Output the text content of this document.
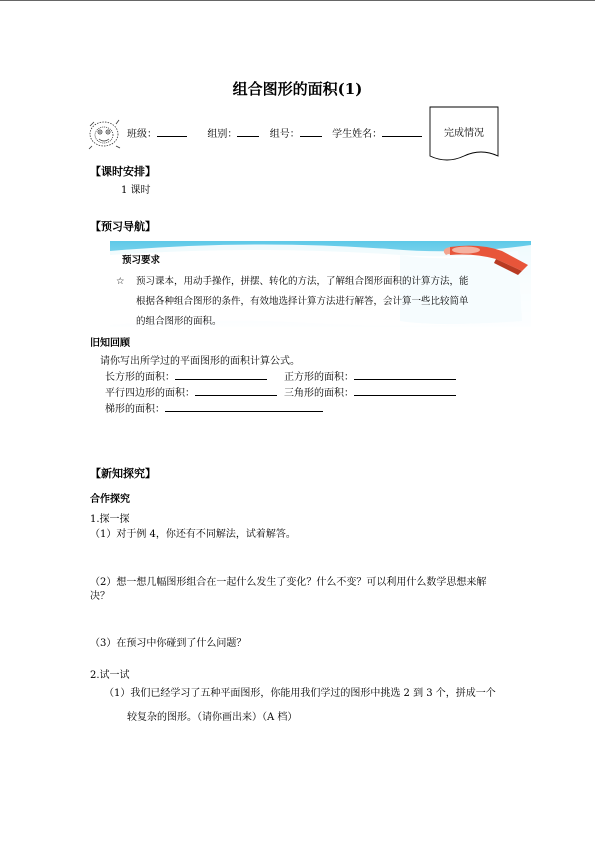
组合图形的面积(1)
班级：	组别：	组号：	学生姓名：	完成情况
【课时安排】
1 课时
【预习导航】
预习要求
☆ 预习课本，用动手操作，拼摆、转化的方法，了解组合图形面积的计算方法，能
根据各种组合图形的条件，有效地选择计算方法进行解答，会计算一些比较简单
的组合图形的面积。
旧知回顾
请你写出所学过的平面图形的面积计算公式。
长方形的面积：	正方形的面积：
平行四边形的面积：	三角形的面积：
梯形的面积：
【新知探究】
合作探究
1.探一探
（1）对于例 4，你还有不同解法，试着解答。
（2）想一想几幅图形组合在一起什么发生了变化？什么不变？可以利用什么数学思想来解
决？
（3）在预习中你碰到了什么问题？
2.试一试
（1）我们已经学习了五种平面图形，你能用我们学过的图形中挑选 2 到 3 个，拼成一个
较复杂的图形。（请你画出来）（A 档）
